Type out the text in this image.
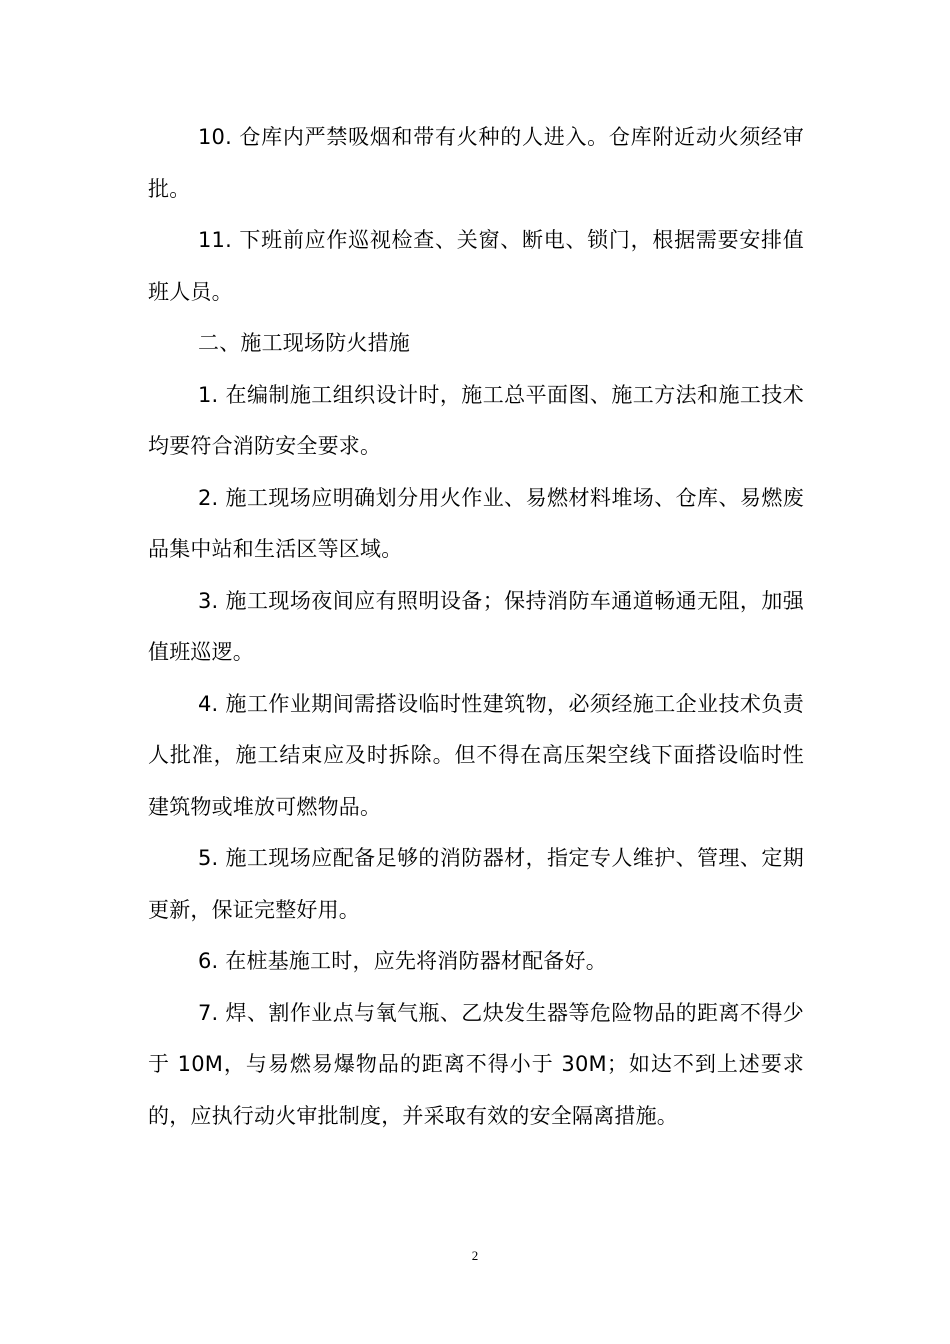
10. 仓库内严禁吸烟和带有火种的人进入。仓库附近动火须经审批。

11. 下班前应作巡视检查、关窗、断电、锁门，根据需要安排值班人员。

二、施工现场防火措施

1. 在编制施工组织设计时，施工总平面图、施工方法和施工技术均要符合消防安全要求。

2. 施工现场应明确划分用火作业、易燃材料堆场、仓库、易燃废品集中站和生活区等区域。

3. 施工现场夜间应有照明设备；保持消防车通道畅通无阻，加强值班巡逻。

4. 施工作业期间需搭设临时性建筑物，必须经施工企业技术负责人批准，施工结束应及时拆除。但不得在高压架空线下面搭设临时性建筑物或堆放可燃物品。

5. 施工现场应配备足够的消防器材，指定专人维护、管理、定期更新，保证完整好用。

6. 在桩基施工时，应先将消防器材配备好。

7. 焊、割作业点与氧气瓶、乙炔发生器等危险物品的距离不得少于 10M，与易燃易爆物品的距离不得小于 30M；如达不到上述要求的，应执行动火审批制度，并采取有效的安全隔离措施。

2
